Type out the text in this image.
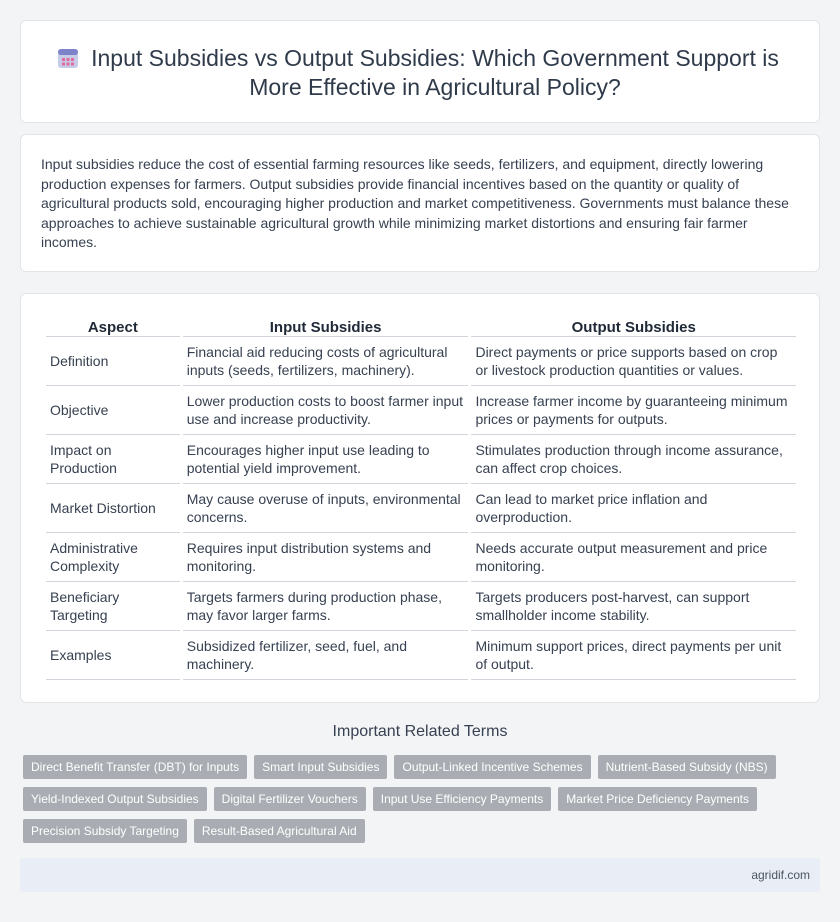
Input Subsidies vs Output Subsidies: Which Government Support is More Effective in Agricultural Policy?

Input subsidies reduce the cost of essential farming resources like seeds, fertilizers, and equipment, directly lowering production expenses for farmers. Output subsidies provide financial incentives based on the quantity or quality of agricultural products sold, encouraging higher production and market competitiveness. Governments must balance these approaches to achieve sustainable agricultural growth while minimizing market distortions and ensuring fair farmer incomes.

Aspect	Input Subsidies	Output Subsidies
Definition	Financial aid reducing costs of agricultural inputs (seeds, fertilizers, machinery).	Direct payments or price supports based on crop or livestock production quantities or values.
Objective	Lower production costs to boost farmer input use and increase productivity.	Increase farmer income by guaranteeing minimum prices or payments for outputs.
Impact on Production	Encourages higher input use leading to potential yield improvement.	Stimulates production through income assurance, can affect crop choices.
Market Distortion	May cause overuse of inputs, environmental concerns.	Can lead to market price inflation and overproduction.
Administrative Complexity	Requires input distribution systems and monitoring.	Needs accurate output measurement and price monitoring.
Beneficiary Targeting	Targets farmers during production phase, may favor larger farms.	Targets producers post-harvest, can support smallholder income stability.
Examples	Subsidized fertilizer, seed, fuel, and machinery.	Minimum support prices, direct payments per unit of output.
Important Related Terms
Direct Benefit Transfer (DBT) for Inputs	Smart Input Subsidies	Output-Linked Incentive Schemes	Nutrient-Based Subsidy (NBS)
Yield-Indexed Output Subsidies	Digital Fertilizer Vouchers	Input Use Efficiency Payments	Market Price Deficiency Payments
Precision Subsidy Targeting	Result-Based Agricultural Aid
agridif.com
